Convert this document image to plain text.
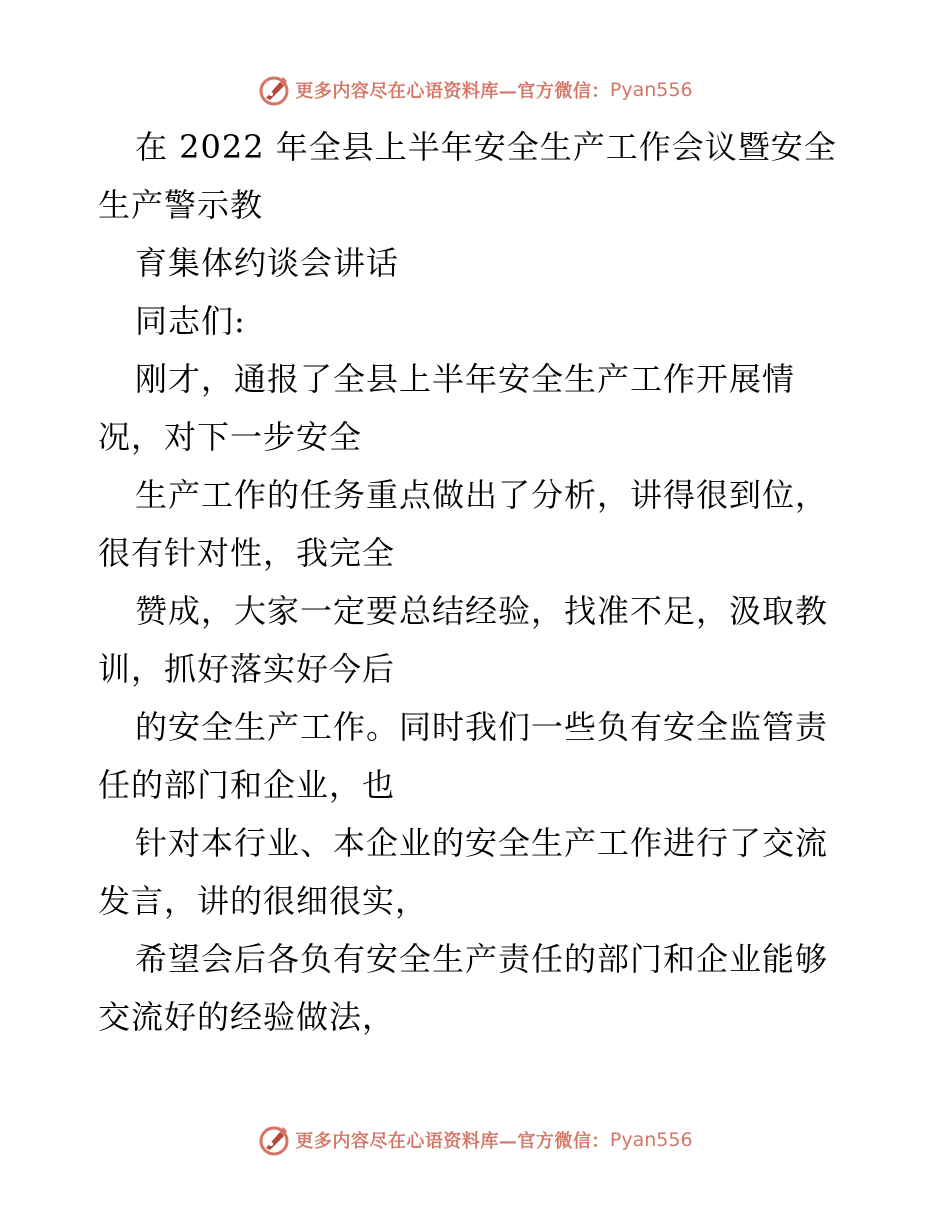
更多内容尽在心语资料库— 官方微信： Pyan556
在 2022 年全县上半年安全生产工作会议暨安全
生产警示教
育集体约谈会讲话
同志们:
刚才，通报了全县上半年安全生产工作开展情
况，对下一步安全
生产工作的任务重点做出了分析，讲得很到位，
很有针对性，我完全
赞成，大家一定要总结经验，找准不足，汲取教
训，抓好落实好今后
的安全生产工作。同时我们一些负有安全监管责
任的部门和企业，也
针对本行业、本企业的安全生产工作进行了交流
发言，讲的很细很实，
希望会后各负有安全生产责任的部门和企业能够
交流好的经验做法，
更多内容尽在心语资料库— 官方微信： Pyan556
